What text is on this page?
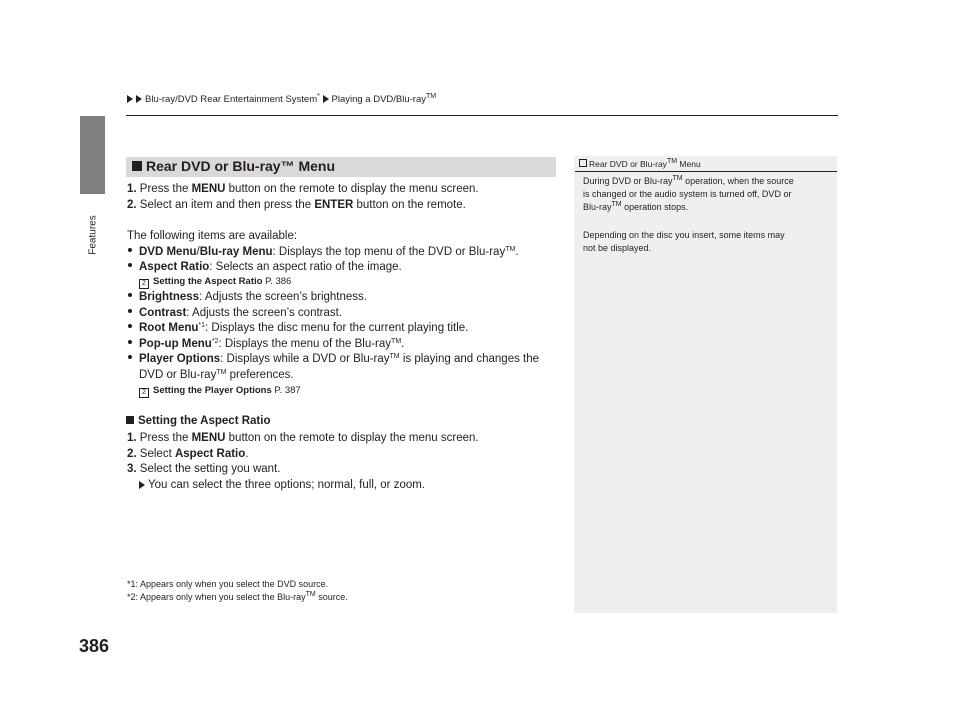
Blu-ray/DVD Rear Entertainment System* Playing a DVD/Blu-ray™
Features
386
Rear DVD or Blu-ray™ Menu
1. Press the MENU button on the remote to display the menu screen.
2. Select an item and then press the ENTER button on the remote.
The following items are available:
DVD Menu/Blu-ray Menu: Displays the top menu of the DVD or Blu-ray™.
Aspect Ratio: Selects an aspect ratio of the image.
2 Setting the Aspect Ratio P. 386
Brightness: Adjusts the screen’s brightness.
Contrast: Adjusts the screen’s contrast.
Root Menu$^{*1}$: Displays the disc menu for the current playing title.
Pop-up Menu$^{*2}$: Displays the menu of the Blu-ray™.
Player Options: Displays while a DVD or Blu-ray™ is playing and changes the
DVD or Blu-ray™ preferences.
2 Setting the Player Options P. 387
Setting the Aspect Ratio
1. Press the MENU button on the remote to display the menu screen.
2. Select Aspect Ratio.
3. Select the setting you want.
You can select the three options; normal, full, or zoom.
*1: Appears only when you select the DVD source.
*2: Appears only when you select the Blu-ray™ source.
Rear DVD or Blu-ray™ Menu
During DVD or Blu-ray™ operation, when the source
is changed or the audio system is turned off, DVD or
Blu-ray™ operation stops.
Depending on the disc you insert, some items may
not be displayed.
